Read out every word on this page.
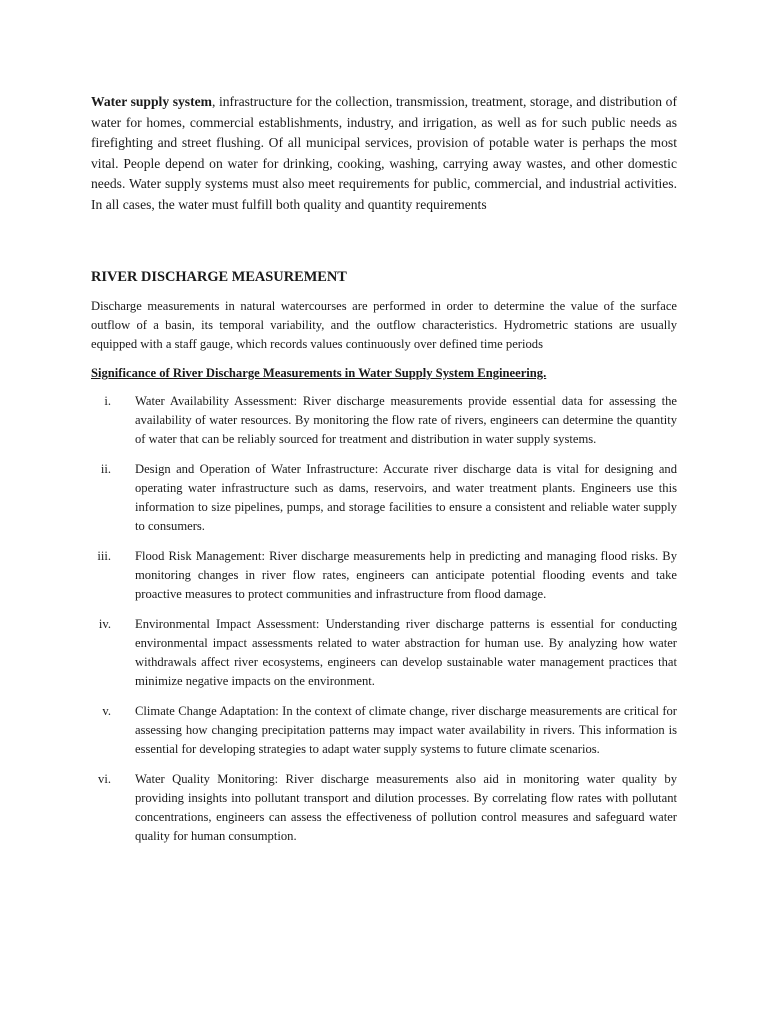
Water supply system, infrastructure for the collection, transmission, treatment, storage, and distribution of water for homes, commercial establishments, industry, and irrigation, as well as for such public needs as firefighting and street flushing. Of all municipal services, provision of potable water is perhaps the most vital. People depend on water for drinking, cooking, washing, carrying away wastes, and other domestic needs. Water supply systems must also meet requirements for public, commercial, and industrial activities. In all cases, the water must fulfill both quality and quantity requirements

RIVER DISCHARGE MEASUREMENT

Discharge measurements in natural watercourses are performed in order to determine the value of the surface outflow of a basin, its temporal variability, and the outflow characteristics. Hydrometric stations are usually equipped with a staff gauge, which records values continuously over defined time periods

Significance of River Discharge Measurements in Water Supply System Engineering.
i.	Water Availability Assessment: River discharge measurements provide essential data for assessing the availability of water resources. By monitoring the flow rate of rivers, engineers can determine the quantity of water that can be reliably sourced for treatment and distribution in water supply systems.
ii.	Design and Operation of Water Infrastructure: Accurate river discharge data is vital for designing and operating water infrastructure such as dams, reservoirs, and water treatment plants. Engineers use this information to size pipelines, pumps, and storage facilities to ensure a consistent and reliable water supply to consumers.
iii.	Flood Risk Management: River discharge measurements help in predicting and managing flood risks. By monitoring changes in river flow rates, engineers can anticipate potential flooding events and take proactive measures to protect communities and infrastructure from flood damage.
iv.	Environmental Impact Assessment: Understanding river discharge patterns is essential for conducting environmental impact assessments related to water abstraction for human use. By analyzing how water withdrawals affect river ecosystems, engineers can develop sustainable water management practices that minimize negative impacts on the environment.
v.	Climate Change Adaptation: In the context of climate change, river discharge measurements are critical for assessing how changing precipitation patterns may impact water availability in rivers. This information is essential for developing strategies to adapt water supply systems to future climate scenarios.
vi.	Water Quality Monitoring: River discharge measurements also aid in monitoring water quality by providing insights into pollutant transport and dilution processes. By correlating flow rates with pollutant concentrations, engineers can assess the effectiveness of pollution control measures and safeguard water quality for human consumption.
